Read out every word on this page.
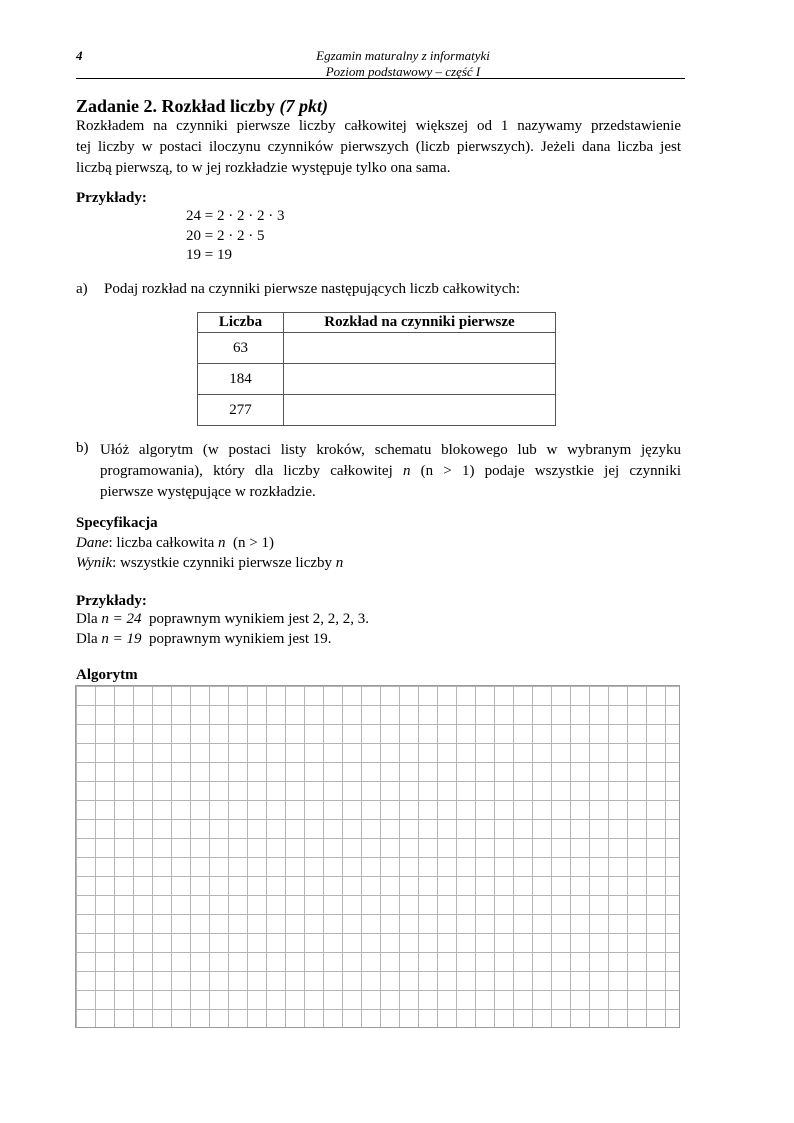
4	Egzamin maturalny z informatyki
Poziom podstawowy – część I
Zadanie 2. Rozkład liczby (7 pkt)
Rozkładem na czynniki pierwsze liczby całkowitej większej od 1 nazywamy przedstawienie
tej liczby w postaci iloczynu czynników pierwszych (liczb pierwszych). Jeżeli dana liczba jest
liczbą pierwszą, to w jej rozkładzie występuje tylko ona sama.
Przykłady:
24 = 2 · 2 · 2 · 3
20 = 2 · 2 · 5
19 = 19
a) Podaj rozkład na czynniki pierwsze następujących liczb całkowitych:
Liczba	Rozkład na czynniki pierwsze
63	
184	
277	
b) Ułóż algorytm (w postaci listy kroków, schematu blokowego lub w wybranym języku
programowania), który dla liczby całkowitej n (n > 1) podaje wszystkie jej czynniki
pierwsze występujące w rozkładzie.
Specyfikacja
Dane: liczba całkowita n (n > 1)
Wynik: wszystkie czynniki pierwsze liczby n
Przykłady:
Dla n = 24 poprawnym wynikiem jest 2, 2, 2, 3.
Dla n = 19 poprawnym wynikiem jest 19.
Algorytm
